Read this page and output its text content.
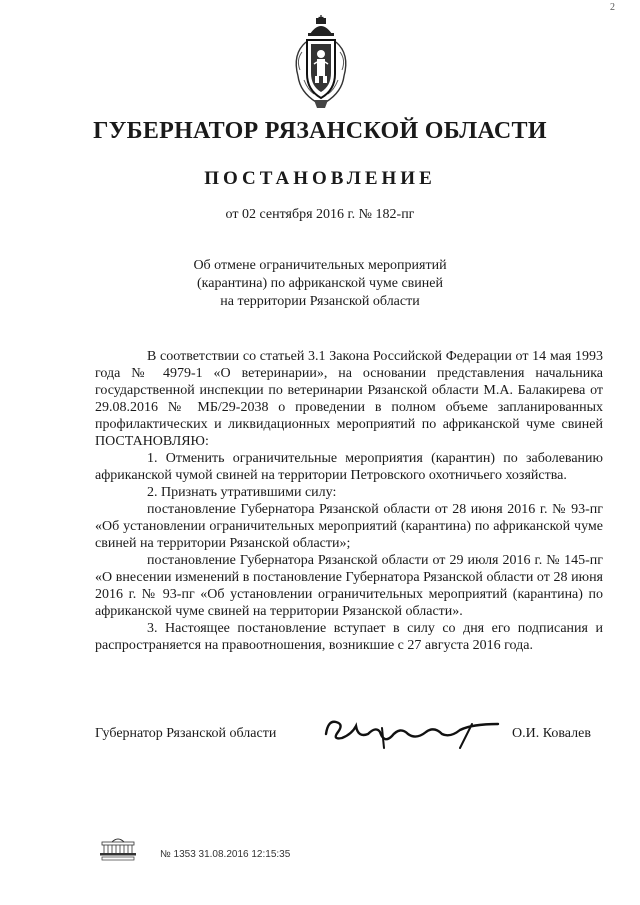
2
ГУБЕРНАТОР РЯЗАНСКОЙ ОБЛАСТИ
ПОСТАНОВЛЕНИЕ
от 02 сентября 2016 г. № 182-пг
Об отмене ограничительных мероприятий
(карантина) по африканской чуме свиней
на территории Рязанской области

В соответствии со статьей 3.1 Закона Российской Федерации от 14 мая 1993 года № 4979-1 «О ветеринарии», на основании представления начальника государственной инспекции по ветеринарии Рязанской области М.А. Балакирева от 29.08.2016 № МБ/29-2038 о проведении в полном объеме запланированных профилактических и ликвидационных мероприятий по африканской чуме свиней ПОСТАНОВЛЯЮ:

1. Отменить ограничительные мероприятия (карантин) по заболеванию африканской чумой свиней на территории Петровского охотничьего хозяйства.

2. Признать утратившими силу:

постановление Губернатора Рязанской области от 28 июня 2016 г. № 93-пг «Об установлении ограничительных мероприятий (карантина) по африканской чуме свиней на территории Рязанской области»;

постановление Губернатора Рязанской области от 29 июля 2016 г. № 145-пг «О внесении изменений в постановление Губернатора Рязанской области от 28 июня 2016 г. № 93-пг «Об установлении ограничительных мероприятий (карантина) по африканской чуме свиней на территории Рязанской области».

3. Настоящее постановление вступает в силу со дня его подписания и распространяется на правоотношения, возникшие с 27 августа 2016 года.

Губернатор Рязанской области	О.И. Ковалев
№ 1353 31.08.2016 12:15:35
